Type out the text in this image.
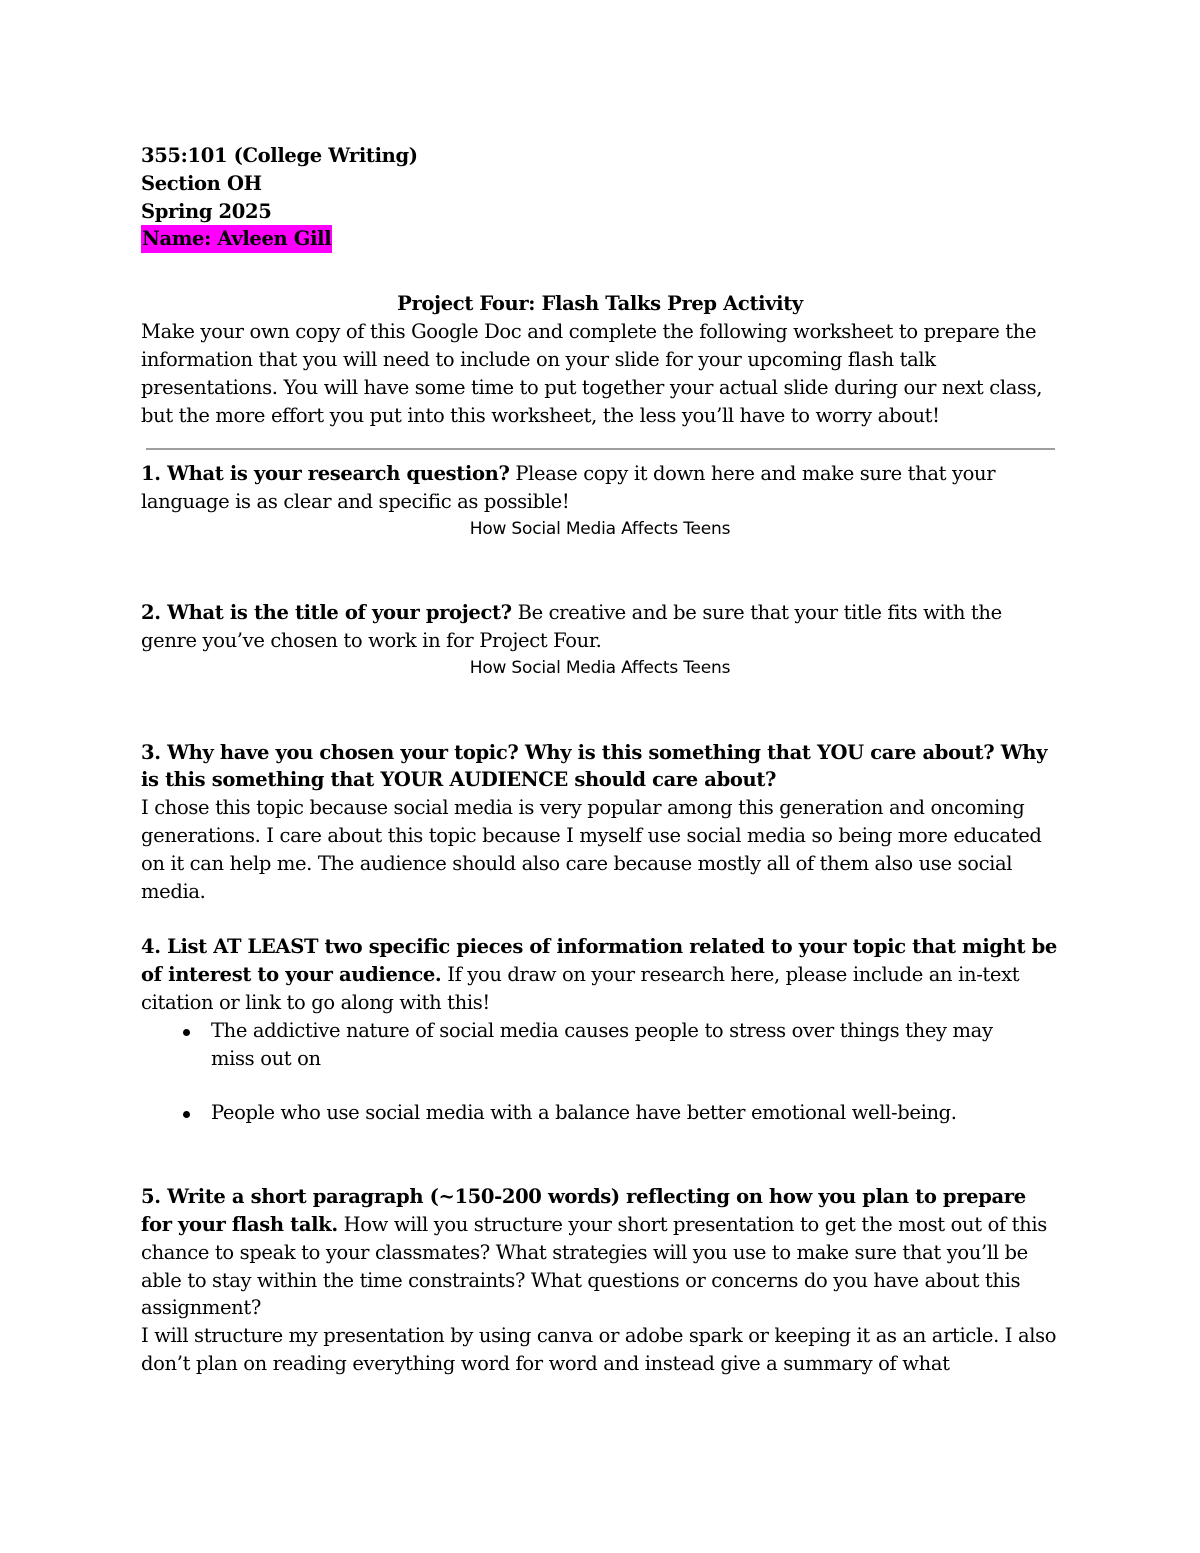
355:101 (College Writing)
Section OH
Spring 2025
Name: Avleen Gill
Project Four: Flash Talks Prep Activity

Make your own copy of this Google Doc and complete the following worksheet to prepare the information that you will need to include on your slide for your upcoming flash talk presentations. You will have some time to put together your actual slide during our next class, but the more effort you put into this worksheet, the less you’ll have to worry about!

1. What is your research question? Please copy it down here and make sure that your language is as clear and specific as possible!

How Social Media Affects Teens

2. What is the title of your project? Be creative and be sure that your title fits with the genre you’ve chosen to work in for Project Four.

How Social Media Affects Teens

3. Why have you chosen your topic? Why is this something that YOU care about? Why is this something that YOUR AUDIENCE should care about?

I chose this topic because social media is very popular among this generation and oncoming generations. I care about this topic because I myself use social media so being more educated on it can help me. The audience should also care because mostly all of them also use social media.

4. List AT LEAST two specific pieces of information related to your topic that might be of interest to your audience. If you draw on your research here, please include an in-text citation or link to go along with this!

The addictive nature of social media causes people to stress over things they may miss out on
People who use social media with a balance have better emotional well-being.

5. Write a short paragraph (~150-200 words) reflecting on how you plan to prepare for your flash talk. How will you structure your short presentation to get the most out of this chance to speak to your classmates? What strategies will you use to make sure that you’ll be able to stay within the time constraints? What questions or concerns do you have about this assignment?

I will structure my presentation by using canva or adobe spark or keeping it as an article. I also don’t plan on reading everything word for word and instead give a summary of what
